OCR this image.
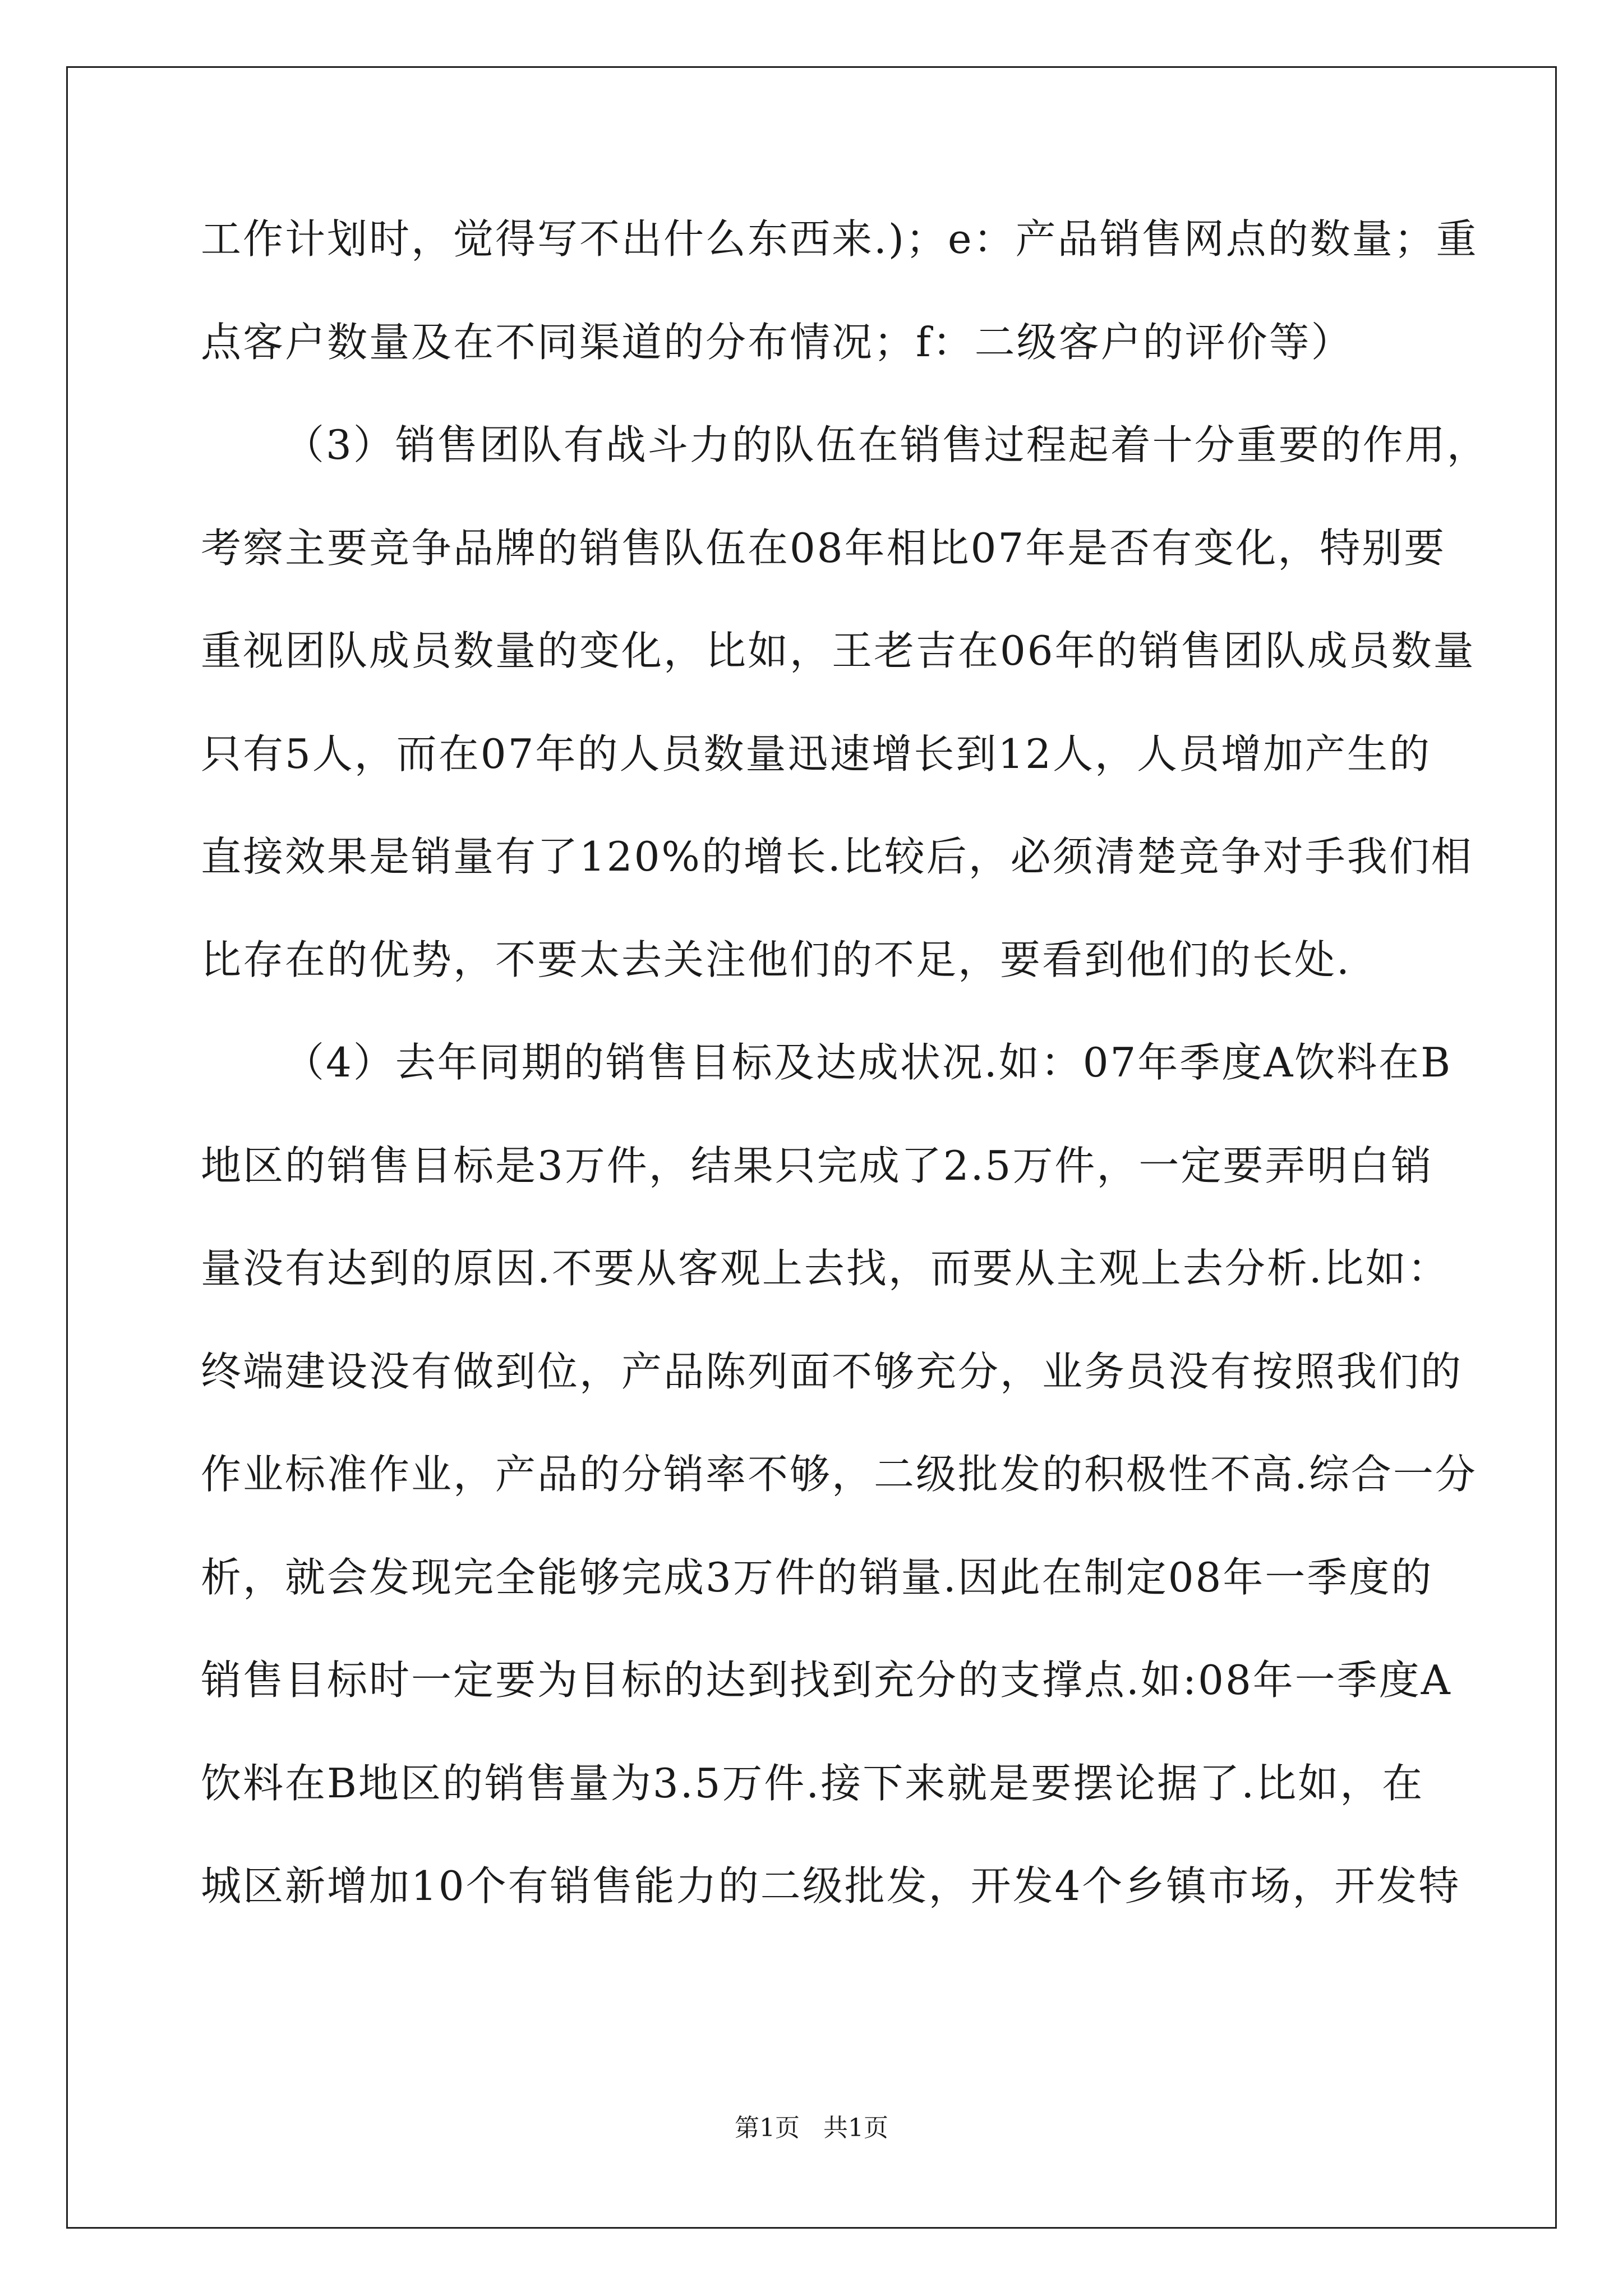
工作计划时，觉得写不出什么东西来.)；e：产品销售网点的数量；重
点客户数量及在不同渠道的分布情况；f：二级客户的评价等）
（3）销售团队有战斗力的队伍在销售过程起着十分重要的作用，
考察主要竞争品牌的销售队伍在08年相比07年是否有变化，特别要
重视团队成员数量的变化，比如，王老吉在06年的销售团队成员数量
只有5人，而在07年的人员数量迅速增长到12人，人员增加产生的
直接效果是销量有了120%的增长.比较后，必须清楚竞争对手我们相
比存在的优势，不要太去关注他们的不足，要看到他们的长处.
（4）去年同期的销售目标及达成状况.如：07年季度A饮料在B
地区的销售目标是3万件，结果只完成了2.5万件，一定要弄明白销
量没有达到的原因.不要从客观上去找，而要从主观上去分析.比如：
终端建设没有做到位，产品陈列面不够充分，业务员没有按照我们的
作业标准作业，产品的分销率不够，二级批发的积极性不高.综合一分
析，就会发现完全能够完成3万件的销量.因此在制定08年一季度的
销售目标时一定要为目标的达到找到充分的支撑点.如:08年一季度A
饮料在B地区的销售量为3.5万件.接下来就是要摆论据了.比如，在
城区新增加10个有销售能力的二级批发，开发4个乡镇市场，开发特
第1页   共1页
